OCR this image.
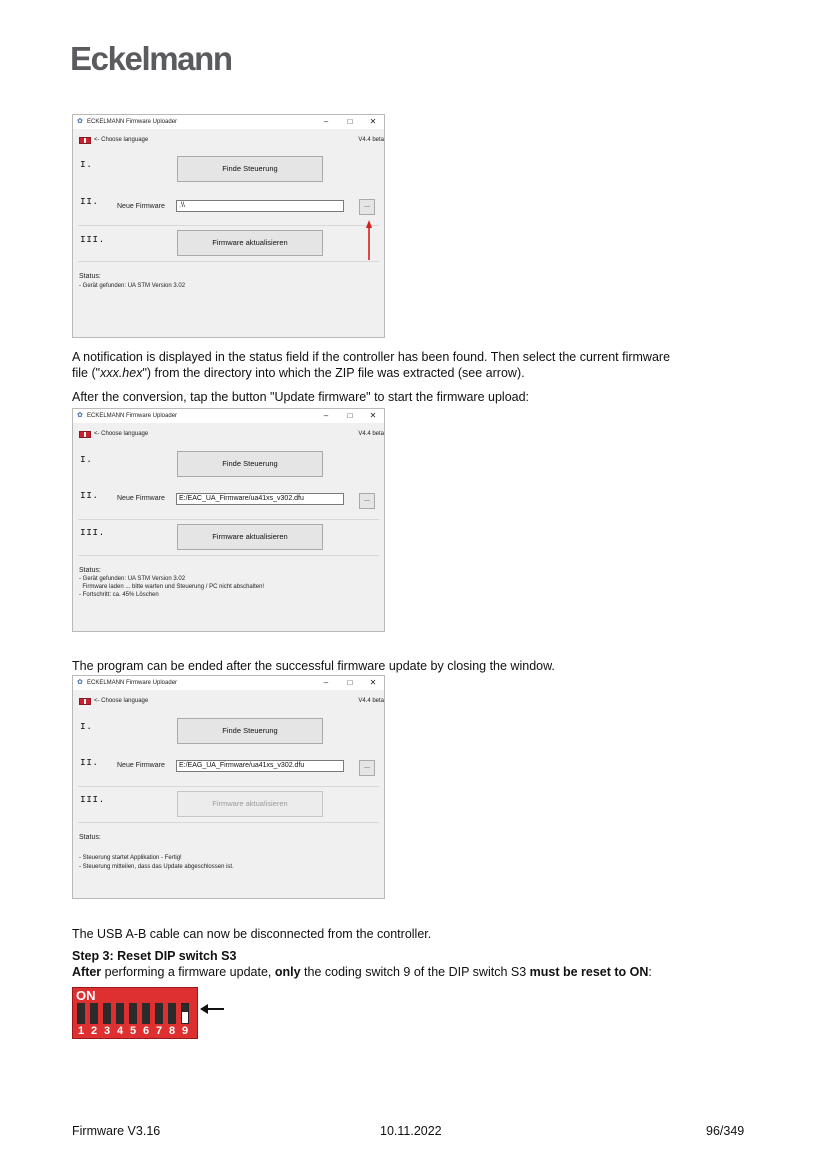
Eckelmann
✿ ECKELMANN Firmware Uploader	–	□	✕
<- Choose language	V4.4 beta
I.	Finde Steuerung
II.	Neue Firmware	.\\	...
III.	Firmware aktualisieren
Status:
- Gerät gefunden: UA STM Version 3.02
A notification is displayed in the status field if the controller has been found. Then select the current firmware
file ("xxx.hex") from the directory into which the ZIP file was extracted (see arrow).
After the conversion, tap the button "Update firmware" to start the firmware upload:
✿ ECKELMANN Firmware Uploader	–	□	✕
<- Choose language	V4.4 beta
I.	Finde Steuerung
II.	Neue Firmware	E:/EAC_UA_Firmware/ua41xs_v302.dfu	...
III.	Firmware aktualisieren
Status:
- Gerät gefunden: UA STM Version 3.02
Firmware laden ... bitte warten und Steuerung / PC nicht abschalten!
- Fortschritt: ca. 45% Löschen
The program can be ended after the successful firmware update by closing the window.
✿ ECKELMANN Firmware Uploader	–	□	✕
<- Choose language	V4.4 beta
I.	Finde Steuerung
II.	Neue Firmware	E:/EAG_UA_Firmware/ua41xs_v302.dfu	...
III.	Firmware aktualisieren
Status:
- Steuerung startet Applikation - Fertig!
- Steuerung mitteilen, dass das Update abgeschlossen ist.
The USB A-B cable can now be disconnected from the controller.
Step 3: Reset DIP switch S3
After performing a firmware update, only the coding switch 9 of the DIP switch S3 must be reset to ON:
ON
1 2 3 4 5 6 7 8 9
Firmware V3.16	10.11.2022	96/349
